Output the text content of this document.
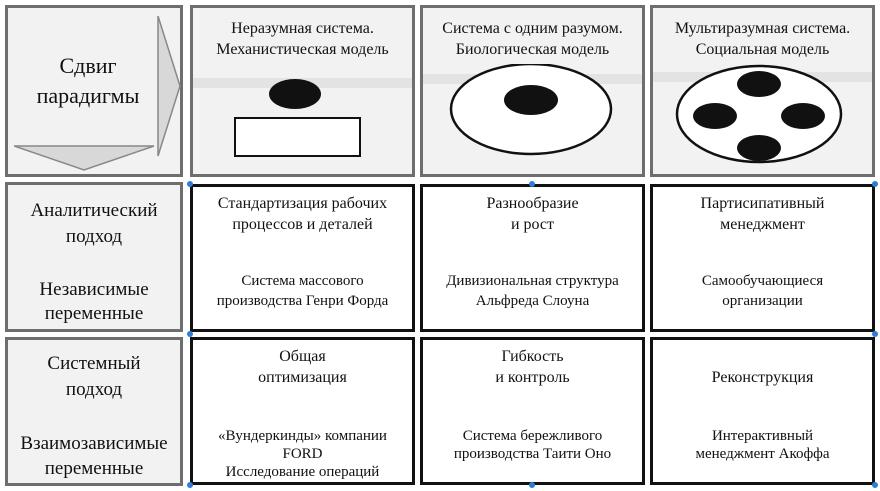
Сдвиг
парадигмы
Неразумная система.
Механистическая модель
Система с одним разумом.
Биологическая модель
Мультиразумная система.
Социальная модель
Аналитический
подход
Независимые
переменные
Системный
подход
Взаимозависимые
переменные
Стандартизация рабочих
процессов и деталей
Система массового
производства Генри Форда
Разнообразие
и рост
Дивизиональная структура
Альфреда Слоуна
Партисипативный
менеджмент
Самообучающиеся
организации
Общая
оптимизация
«Вундеркинды» компании
FORD
Исследование операций
Гибкость
и контроль
Система бережливого
производства Таити Оно
Реконструкция
Интерактивный
менеджмент Акоффа
